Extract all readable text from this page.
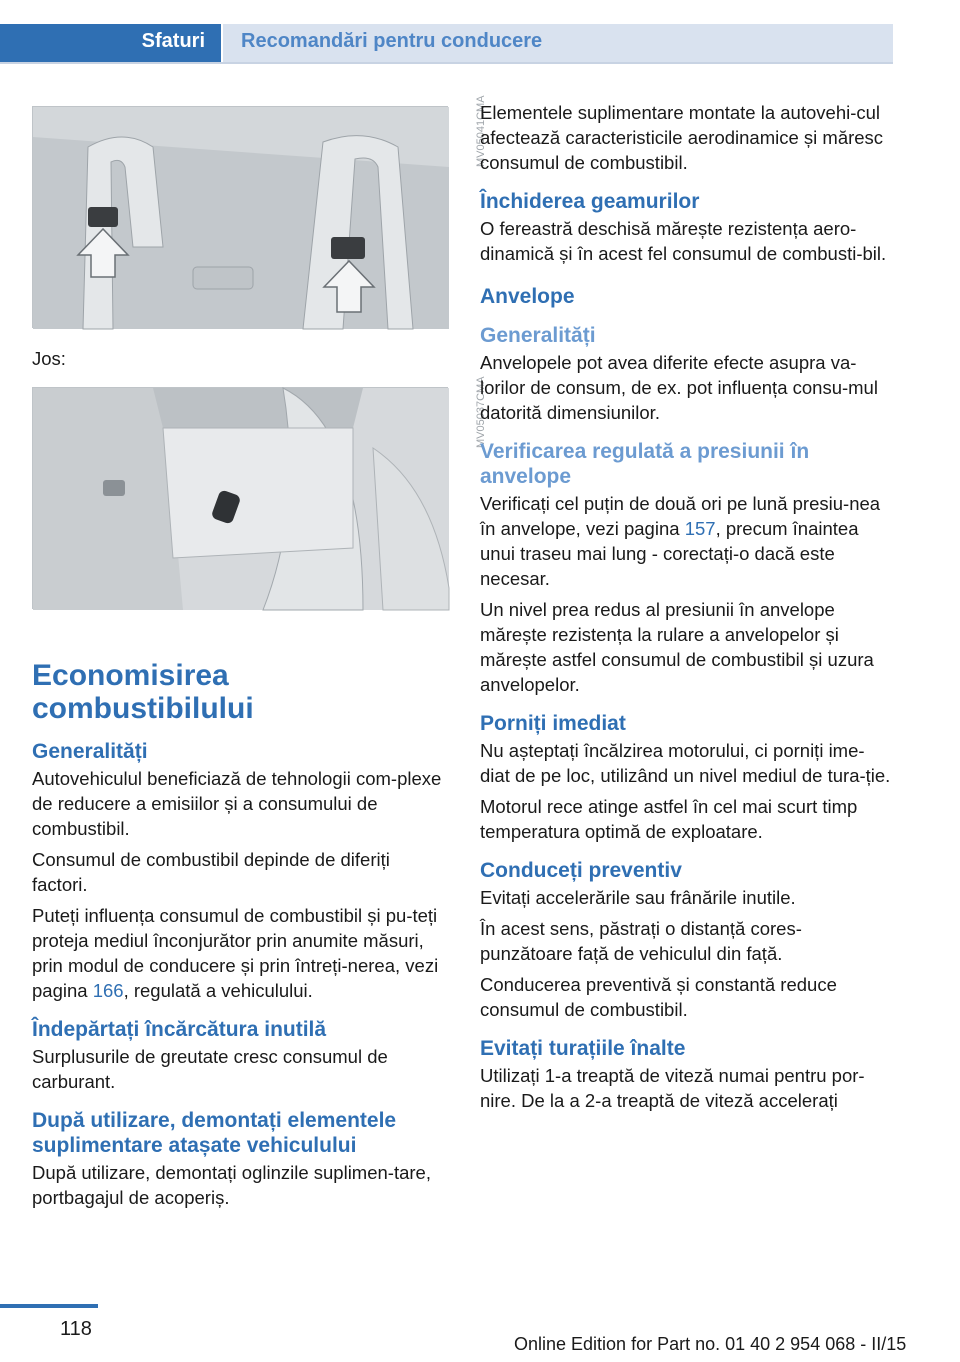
Sfaturi Recomandări pentru conducere
MV05041CMA

Jos:

MV05037CMA
Economisirea combustibilului
Generalități

Autovehiculul beneficiază de tehnologii com-plexe de reducere a emisiilor și a consumului de combustibil.

Consumul de combustibil depinde de diferiți factori.

Puteți influența consumul de combustibil și pu-teți proteja mediul înconjurător prin anumite măsuri, prin modul de conducere și prin întreți-nerea, vezi pagina 166, regulată a vehiculului.

Îndepărtați încărcătura inutilă

Surplusurile de greutate cresc consumul de carburant.

După utilizare, demontați elementele suplimentare atașate vehiculului

După utilizare, demontați oglinzile suplimen-tare, portbagajul de acoperiș.

Elementele suplimentare montate la autovehi-cul afectează caracteristicile aerodinamice și măresc consumul de combustibil.

Închiderea geamurilor

O fereastră deschisă mărește rezistența aero-dinamică și în acest fel consumul de combusti-bil.

Anvelope
Generalități

Anvelopele pot avea diferite efecte asupra va-lorilor de consum, de ex. pot influența consu-mul datorită dimensiunilor.

Verificarea regulată a presiunii în anvelope

Verificați cel puțin de două ori pe lună presiu-nea în anvelope, vezi pagina 157, precum înaintea unui traseu mai lung - corectați-o dacă este necesar.

Un nivel prea redus al presiunii în anvelope mărește rezistența la rulare a anvelopelor și mărește astfel consumul de combustibil și uzura anvelopelor.

Porniți imediat

Nu așteptați încălzirea motorului, ci porniți ime-diat de pe loc, utilizând un nivel mediul de tura-ție.

Motorul rece atinge astfel în cel mai scurt timp temperatura optimă de exploatare.

Conduceți preventiv

Evitați accelerările sau frânările inutile.

În acest sens, păstrați o distanță cores-punzătoare față de vehiculul din față.

Conducerea preventivă și constantă reduce consumul de combustibil.

Evitați turațiile înalte

Utilizați 1-a treaptă de viteză numai pentru por-nire. De la a 2-a treaptă de viteză accelerați

118
Online Edition for Part no. 01 40 2 954 068 - II/15
